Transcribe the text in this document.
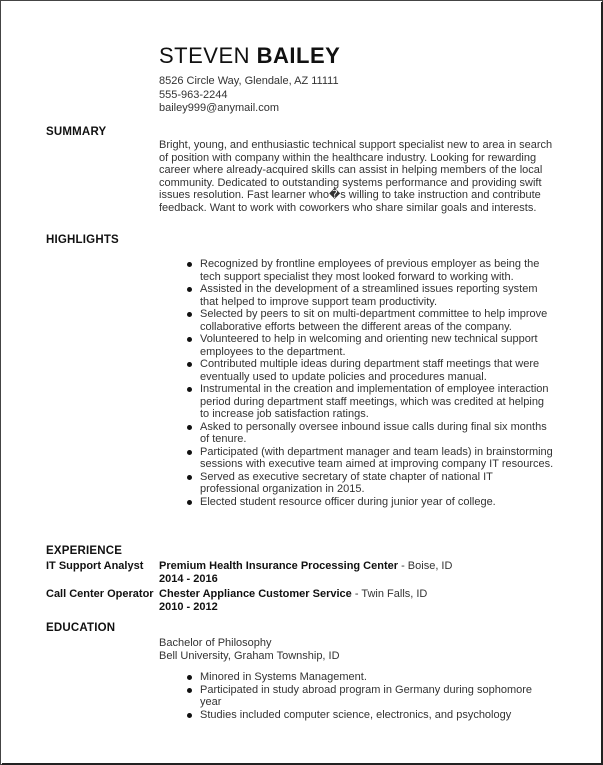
STEVEN BAILEY
8526 Circle Way, Glendale, AZ 11111
555-963-2244
bailey999@anymail.com
SUMMARY
Bright, young, and enthusiastic technical support specialist new to area in search of position with company within the healthcare industry. Looking for rewarding career where already-acquired skills can assist in helping members of the local community. Dedicated to outstanding systems performance and providing swift issues resolution. Fast learner who�s willing to take instruction and contribute feedback. Want to work with coworkers who share similar goals and interests.
HIGHLIGHTS
Recognized by frontline employees of previous employer as being the tech support specialist they most looked forward to working with.
Assisted in the development of a streamlined issues reporting system that helped to improve support team productivity.
Selected by peers to sit on multi-department committee to help improve collaborative efforts between the different areas of the company.
Volunteered to help in welcoming and orienting new technical support employees to the department.
Contributed multiple ideas during department staff meetings that were eventually used to update policies and procedures manual.
Instrumental in the creation and implementation of employee interaction period during department staff meetings, which was credited at helping to increase job satisfaction ratings.
Asked to personally oversee inbound issue calls during final six months of tenure.
Participated (with department manager and team leads) in brainstorming sessions with executive team aimed at improving company IT resources.
Served as executive secretary of state chapter of national IT professional organization in 2015.
Elected student resource officer during junior year of college.
EXPERIENCE
IT Support Analyst Premium Health Insurance Processing Center - Boise, ID
2014 - 2016
Call Center Operator Chester Appliance Customer Service - Twin Falls, ID
2010 - 2012
EDUCATION
Bachelor of Philosophy
Bell University, Graham Township, ID
Minored in Systems Management.
Participated in study abroad program in Germany during sophomore year
Studies included computer science, electronics, and psychology
